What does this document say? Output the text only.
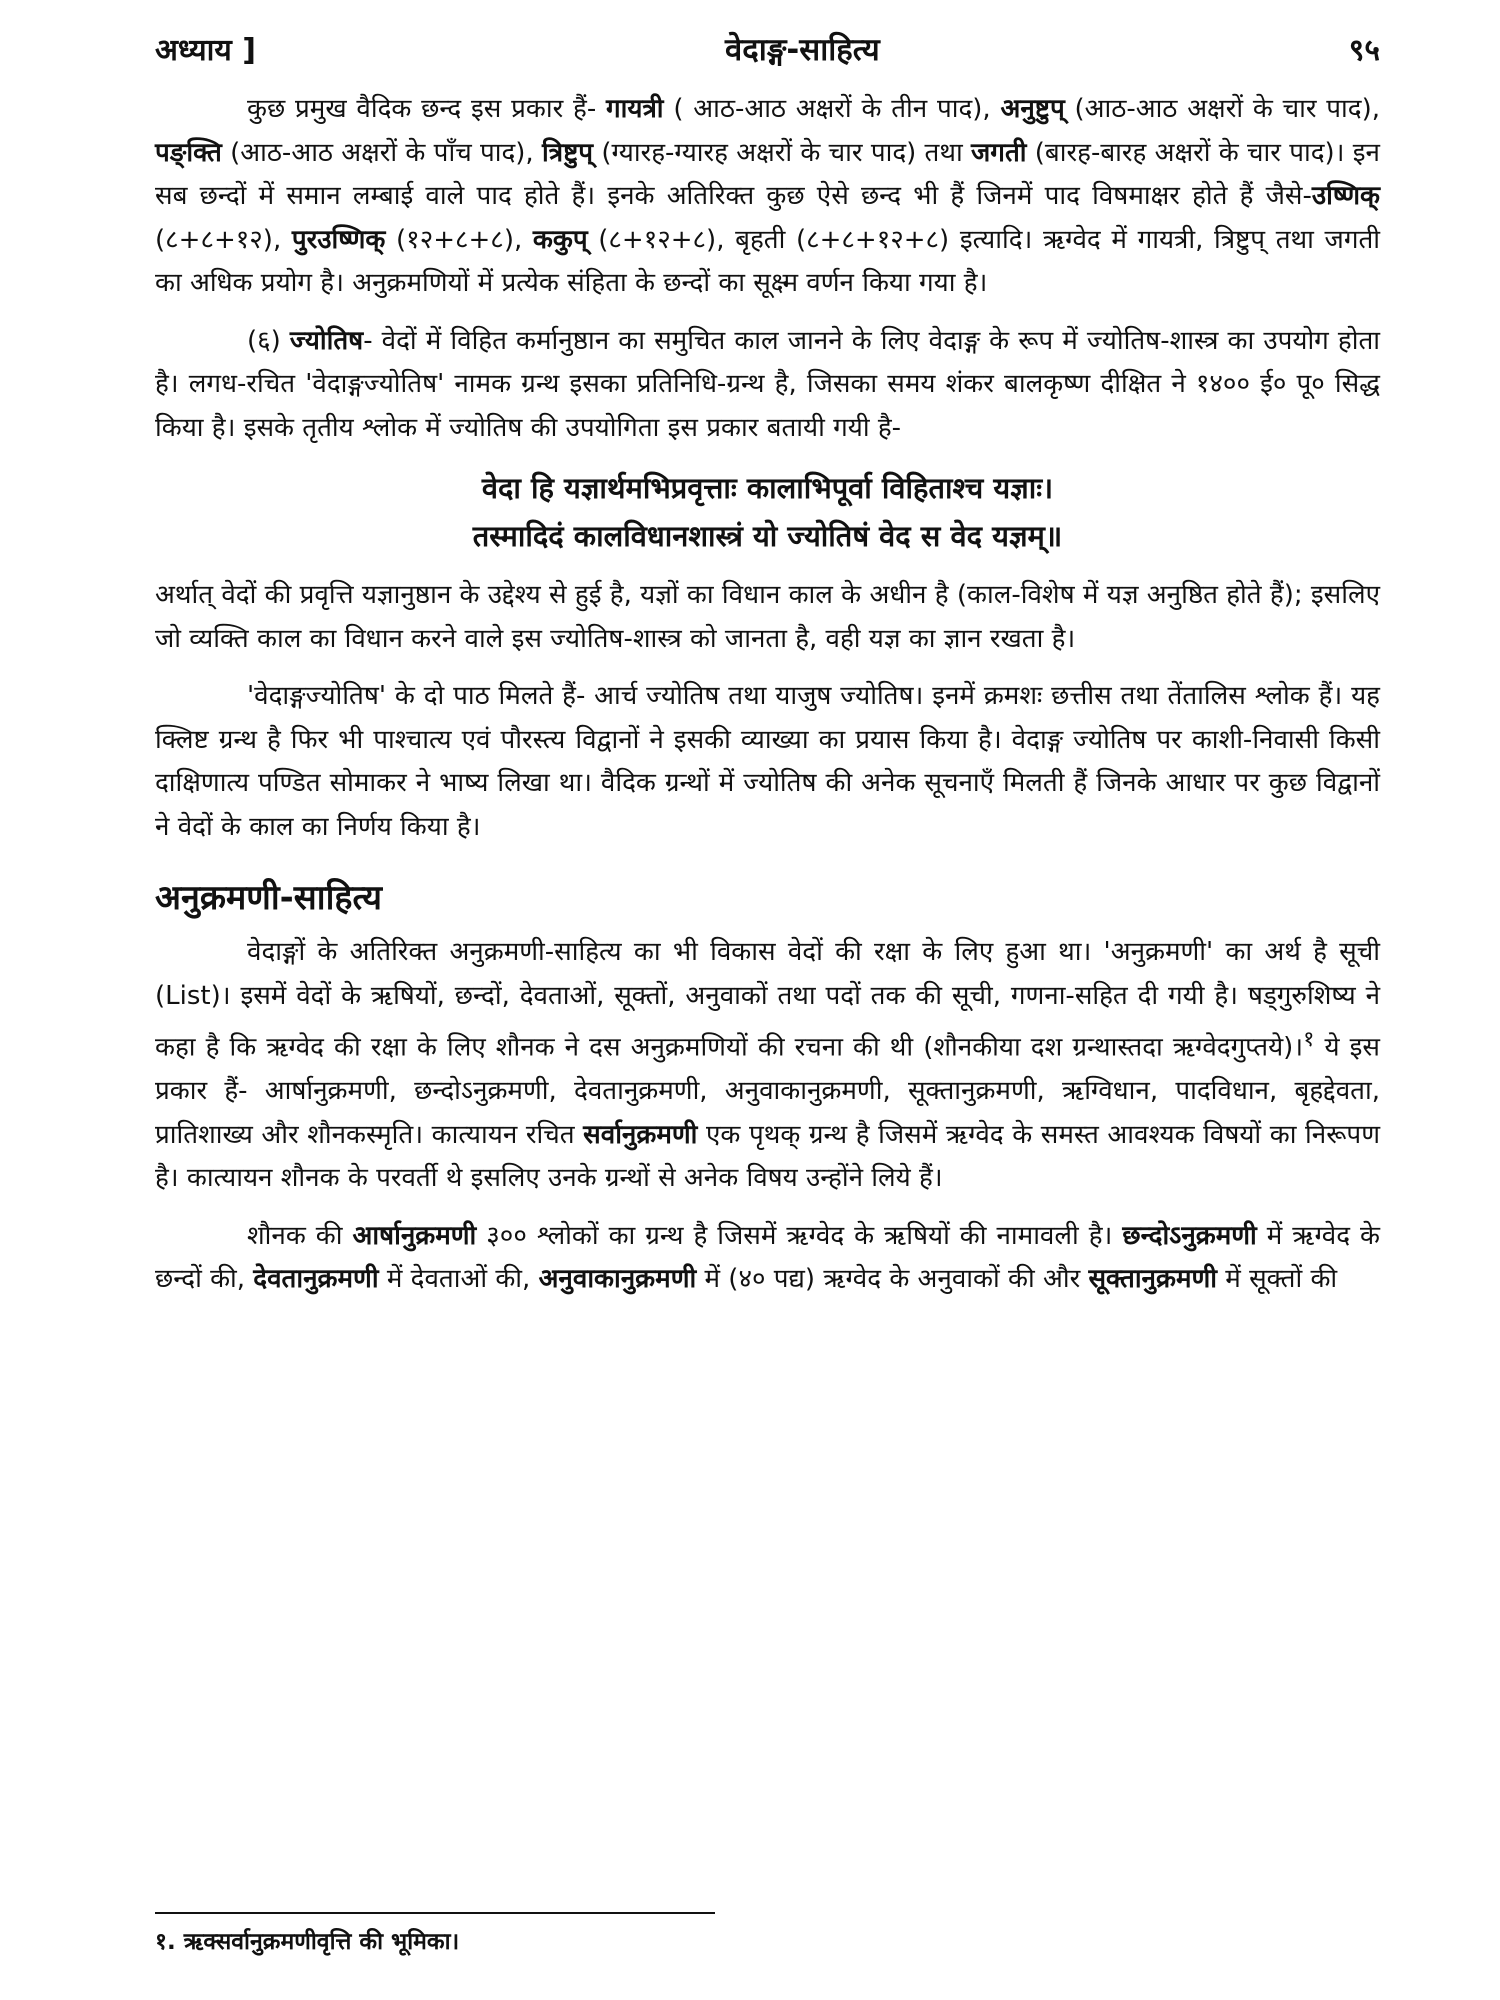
अध्याय ]	वेदाङ्ग-साहित्य	९५

कुछ प्रमुख वैदिक छन्द इस प्रकार हैं- गायत्री ( आठ-आठ अक्षरों के तीन पाद), अनुष्टुप् (आठ-आठ अक्षरों के चार पाद), पङ्क्ति (आठ-आठ अक्षरों के पाँच पाद), त्रिष्टुप् (ग्यारह-ग्यारह अक्षरों के चार पाद) तथा जगती (बारह-बारह अक्षरों के चार पाद)। इन सब छन्दों में समान लम्बाई वाले पाद होते हैं। इनके अतिरिक्त कुछ ऐसे छन्द भी हैं जिनमें पाद विषमाक्षर होते हैं जैसे-उष्णिक् (८+८+१२), पुरउष्णिक् (१२+८+८), ककुप् (८+१२+८), बृहती (८+८+१२+८) इत्यादि। ऋग्वेद में गायत्री, त्रिष्टुप् तथा जगती का अधिक प्रयोग है। अनुक्रमणियों में प्रत्येक संहिता के छन्दों का सूक्ष्म वर्णन किया गया है।

(६) ज्योतिष- वेदों में विहित कर्मानुष्ठान का समुचित काल जानने के लिए वेदाङ्ग के रूप में ज्योतिष-शास्त्र का उपयोग होता है। लगध-रचित 'वेदाङ्गज्योतिष' नामक ग्रन्थ इसका प्रतिनिधि-ग्रन्थ है, जिसका समय शंकर बालकृष्ण दीक्षित ने १४०० ई० पू० सिद्ध किया है। इसके तृतीय श्लोक में ज्योतिष की उपयोगिता इस प्रकार बतायी गयी है-

वेदा हि यज्ञार्थमभिप्रवृत्ताः कालाभिपूर्वा विहिताश्च यज्ञाः।
तस्मादिदं कालविधानशास्त्रं यो ज्योतिषं वेद स वेद यज्ञम्॥

अर्थात् वेदों की प्रवृत्ति यज्ञानुष्ठान के उद्देश्य से हुई है, यज्ञों का विधान काल के अधीन है (काल-विशेष में यज्ञ अनुष्ठित होते हैं); इसलिए जो व्यक्ति काल का विधान करने वाले इस ज्योतिष-शास्त्र को जानता है, वही यज्ञ का ज्ञान रखता है।

'वेदाङ्गज्योतिष' के दो पाठ मिलते हैं- आर्च ज्योतिष तथा याजुष ज्योतिष। इनमें क्रमशः छत्तीस तथा तेंतालिस श्लोक हैं। यह क्लिष्ट ग्रन्थ है फिर भी पाश्चात्य एवं पौरस्त्य विद्वानों ने इसकी व्याख्या का प्रयास किया है। वेदाङ्ग ज्योतिष पर काशी-निवासी किसी दाक्षिणात्य पण्डित सोमाकर ने भाष्य लिखा था। वैदिक ग्रन्थों में ज्योतिष की अनेक सूचनाएँ मिलती हैं जिनके आधार पर कुछ विद्वानों ने वेदों के काल का निर्णय किया है।

अनुक्रमणी-साहित्य

वेदाङ्गों के अतिरिक्त अनुक्रमणी-साहित्य का भी विकास वेदों की रक्षा के लिए हुआ था। 'अनुक्रमणी' का अर्थ है सूची (List)। इसमें वेदों के ऋषियों, छन्दों, देवताओं, सूक्तों, अनुवाकों तथा पदों तक की सूची, गणना-सहित दी गयी है। षड्गुरुशिष्य ने कहा है कि ऋग्वेद की रक्षा के लिए शौनक ने दस अनुक्रमणियों की रचना की थी (शौनकीया दश ग्रन्थास्तदा ऋग्वेदगुप्तये)।$^१$ ये इस प्रकार हैं- आर्षानुक्रमणी, छन्दोऽनुक्रमणी, देवतानुक्रमणी, अनुवाकानुक्रमणी, सूक्तानुक्रमणी, ऋग्विधान, पादविधान, बृहद्देवता, प्रातिशाख्य और शौनकस्मृति। कात्यायन रचित सर्वानुक्रमणी एक पृथक् ग्रन्थ है जिसमें ऋग्वेद के समस्त आवश्यक विषयों का निरूपण है। कात्यायन शौनक के परवर्ती थे इसलिए उनके ग्रन्थों से अनेक विषय उन्होंने लिये हैं।

शौनक की आर्षानुक्रमणी ३०० श्लोकों का ग्रन्थ है जिसमें ऋग्वेद के ऋषियों की नामावली है। छन्दोऽनुक्रमणी में ऋग्वेद के छन्दों की, देवतानुक्रमणी में देवताओं की, अनुवाकानुक्रमणी में (४० पद्य) ऋग्वेद के अनुवाकों की और सूक्तानुक्रमणी में सूक्तों की

१. ऋक्सर्वानुक्रमणीवृत्ति की भूमिका।
